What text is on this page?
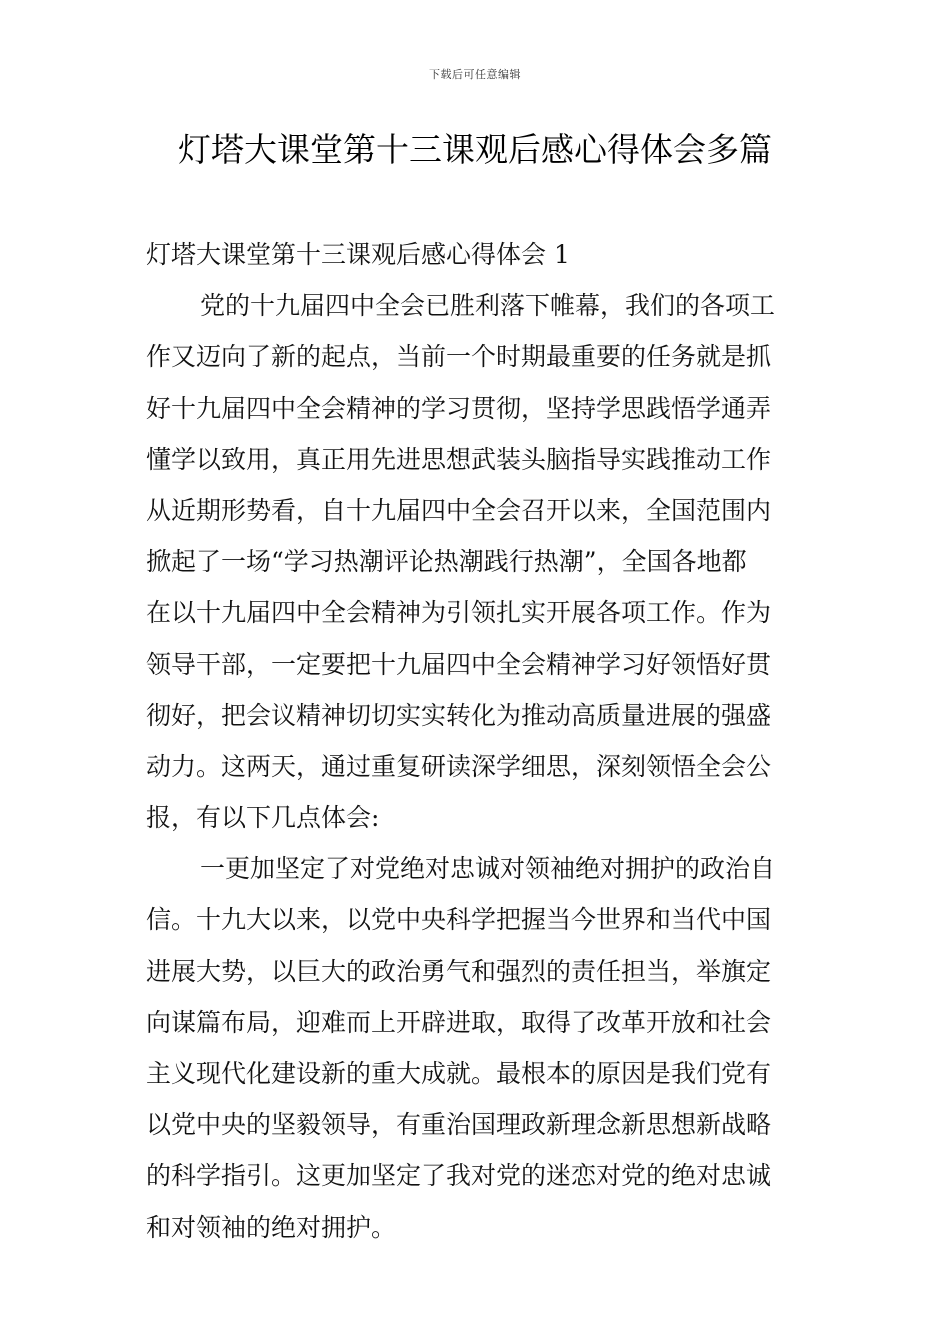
下载后可任意编辑
灯塔大课堂第十三课观后感心得体会多篇

灯塔大课堂第十三课观后感心得体会 1

党的十九届四中全会已胜利落下帷幕，我们的各项工
作又迈向了新的起点，当前一个时期最重要的任务就是抓
好十九届四中全会精神的学习贯彻，坚持学思践悟学通弄
懂学以致用，真正用先进思想武装头脑指导实践推动工作
从近期形势看，自十九届四中全会召开以来，全国范围内
掀起了一场“学习热潮评论热潮践行热潮”，全国各地都
在以十九届四中全会精神为引领扎实开展各项工作。作为
领导干部，一定要把十九届四中全会精神学习好领悟好贯
彻好，把会议精神切切实实转化为推动高质量进展的强盛
动力。这两天，通过重复研读深学细思，深刻领悟全会公
报，有以下几点体会:
一更加坚定了对党绝对忠诚对领袖绝对拥护的政治自
信。十九大以来，以党中央科学把握当今世界和当代中国
进展大势，以巨大的政治勇气和强烈的责任担当，举旗定
向谋篇布局，迎难而上开辟进取，取得了改革开放和社会
主义现代化建设新的重大成就。最根本的原因是我们党有
以党中央的坚毅领导，有重治国理政新理念新思想新战略
的科学指引。这更加坚定了我对党的迷恋对党的绝对忠诚
和对领袖的绝对拥护。
